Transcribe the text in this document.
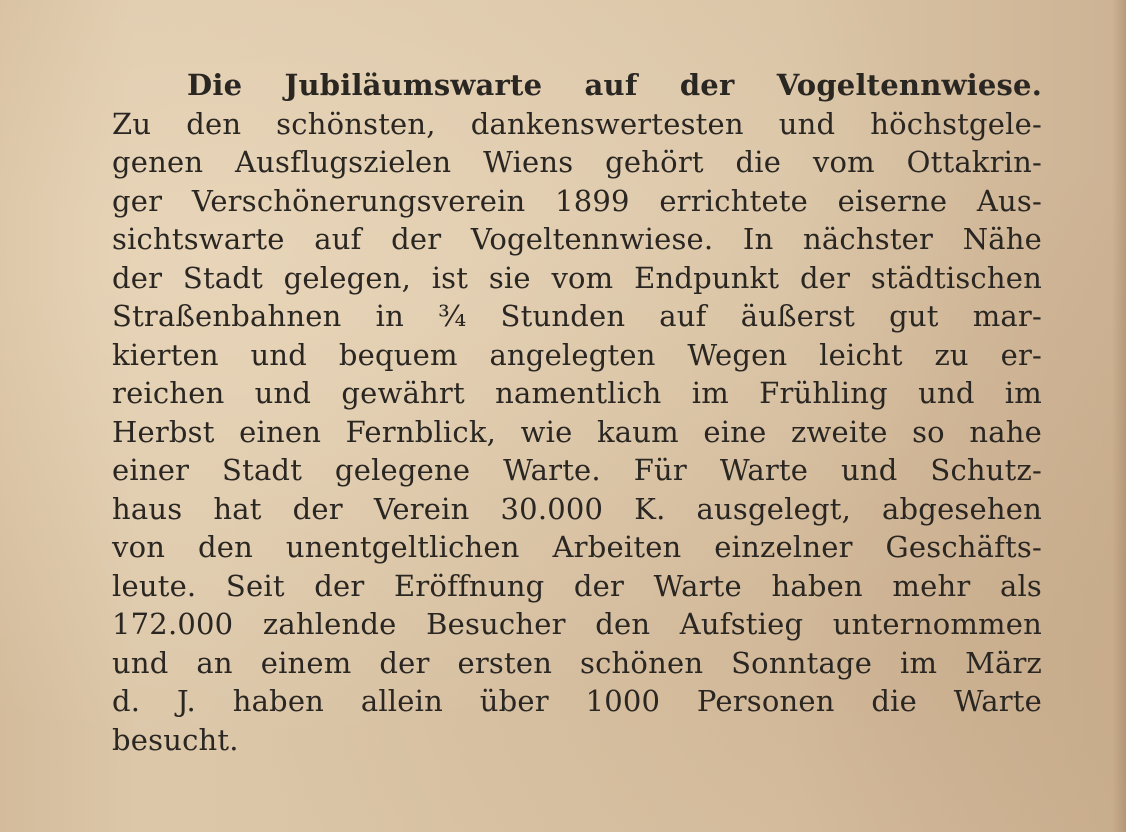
Die Jubiläumswarte auf der Vogeltennwiese.
Zu den schönsten, dankenswertesten und höchstgele-
genen Ausflugszielen Wiens gehört die vom Ottakrin-
ger Verschönerungsverein 1899 errichtete eiserne Aus-
sichtswarte auf der Vogeltennwiese. In nächster Nähe
der Stadt gelegen, ist sie vom Endpunkt der städtischen
Straßenbahnen in ¾ Stunden auf äußerst gut mar-
kierten und bequem angelegten Wegen leicht zu er-
reichen und gewährt namentlich im Frühling und im
Herbst einen Fernblick, wie kaum eine zweite so nahe
einer Stadt gelegene Warte. Für Warte und Schutz-
haus hat der Verein 30.000 K. ausgelegt, abgesehen
von den unentgeltlichen Arbeiten einzelner Geschäfts-
leute. Seit der Eröffnung der Warte haben mehr als
172.000 zahlende Besucher den Aufstieg unternommen
und an einem der ersten schönen Sonntage im März
d. J. haben allein über 1000 Personen die Warte
besucht.
